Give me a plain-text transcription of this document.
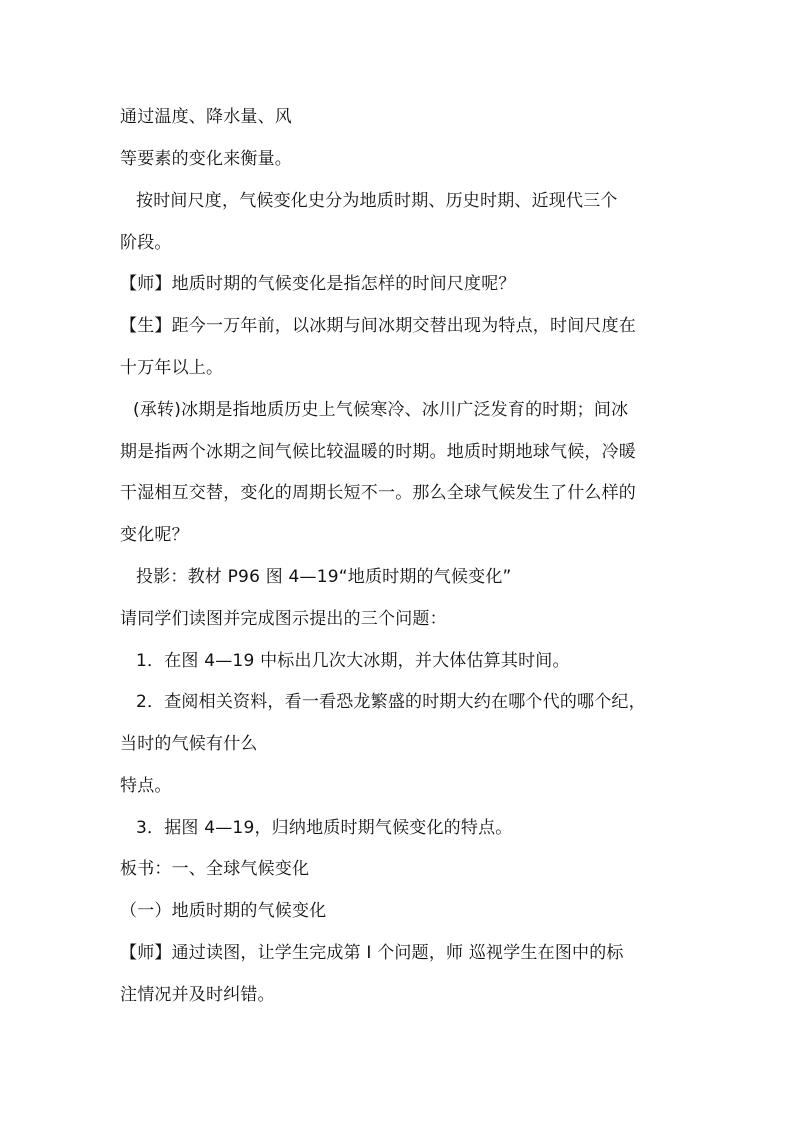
通过温度、降水量、风
等要素的变化来衡量。
按时间尺度，气候变化史分为地质时期、历史时期、近现代三个
阶段。
【师】地质时期的气候变化是指怎样的时间尺度呢？
【生】距今一万年前，以冰期与间冰期交替出现为特点，时间尺度在
十万年以上。
(承转)冰期是指地质历史上气候寒冷、冰川广泛发育的时期；间冰
期是指两个冰期之间气候比较温暖的时期。地质时期地球气候，冷暖
干湿相互交替，变化的周期长短不一。那么全球气候发生了什么样的
变化呢？
投影：教材 P96 图 4—19“地质时期的气候变化”
请同学们读图并完成图示提出的三个问题：
1．在图 4—19 中标出几次大冰期，并大体估算其时间。
2．查阅相关资料，看一看恐龙繁盛的时期大约在哪个代的哪个纪，
当时的气候有什么
特点。
3．据图 4—19，归纳地质时期气候变化的特点。
板书：一、全球气候变化
（一）地质时期的气候变化
【师】通过读图，让学生完成第 I 个问题，师 巡视学生在图中的标
注情况并及时纠错。
